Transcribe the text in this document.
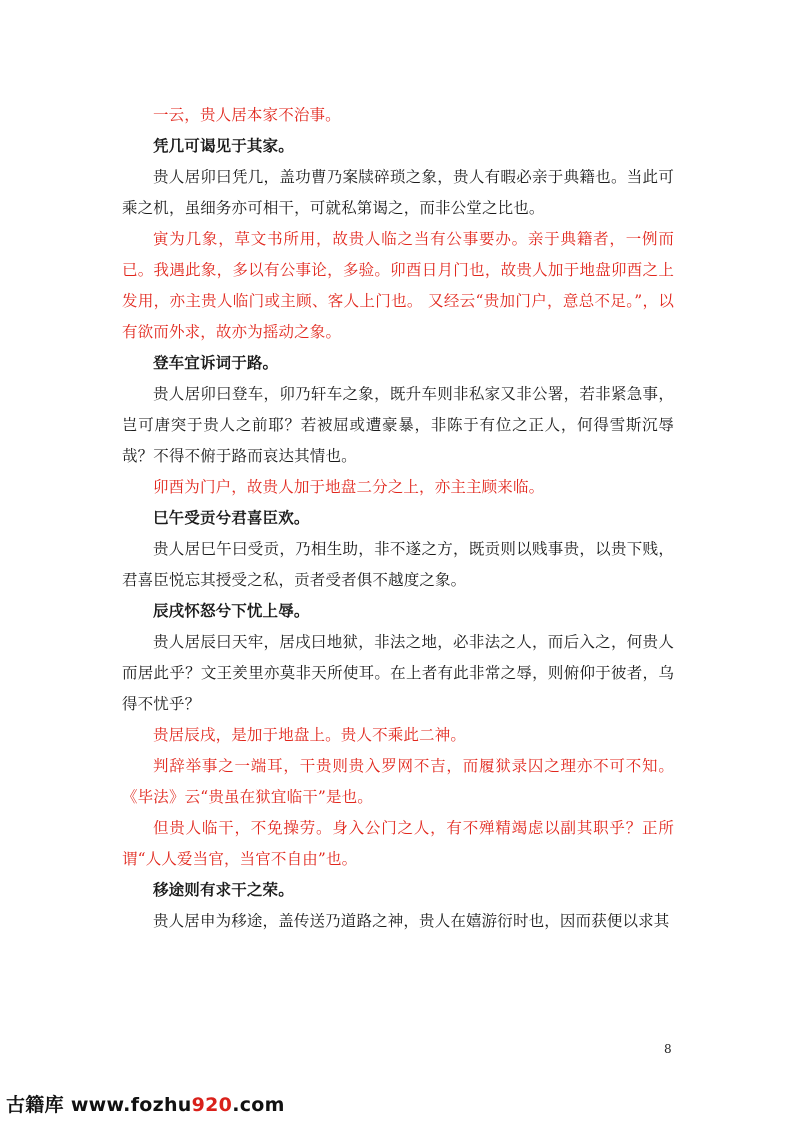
一云，贵人居本家不治事。

凭几可谒见于其家。

贵人居卯曰凭几，盖功曹乃案牍碎琐之象，贵人有暇必亲于典籍也。当此可乘之机，虽细务亦可相干，可就私第谒之，而非公堂之比也。

寅为几象，草文书所用，故贵人临之当有公事要办。亲于典籍者，一例而已。我遇此象，多以有公事论，多验。卯酉日月门也，故贵人加于地盘卯酉之上发用，亦主贵人临门或主顾、客人上门也。 又经云“贵加门户，意总不足。”，以有欲而外求，故亦为摇动之象。

登车宜诉词于路。

贵人居卯曰登车，卯乃轩车之象，既升车则非私家又非公署，若非紧急事，岂可唐突于贵人之前耶？若被屈或遭豪暴，非陈于有位之正人，何得雪斯沉辱哉？不得不俯于路而哀达其情也。

卯酉为门户，故贵人加于地盘二分之上，亦主主顾来临。

巳午受贡兮君喜臣欢。

贵人居巳午曰受贡，乃相生助，非不遂之方，既贡则以贱事贵，以贵下贱，君喜臣悦忘其授受之私，贡者受者俱不越度之象。

辰戌怀怒兮下忧上辱。

贵人居辰曰天牢，居戌曰地狱，非法之地，必非法之人，而后入之，何贵人而居此乎？文王羑里亦莫非天所使耳。在上者有此非常之辱，则俯仰于彼者，乌得不忧乎？

贵居辰戌，是加于地盘上。贵人不乘此二神。

判辞举事之一端耳，干贵则贵入罗网不吉，而履狱录囚之理亦不可不知。《毕法》云“贵虽在狱宜临干”是也。

但贵人临干，不免操劳。身入公门之人，有不殚精竭虑以副其职乎？正所谓“人人爱当官，当官不自由”也。

移途则有求干之荣。

贵人居申为移途，盖传送乃道路之神，贵人在嬉游衍时也，因而获便以求其

8
古籍库 www.fozhu920.com
